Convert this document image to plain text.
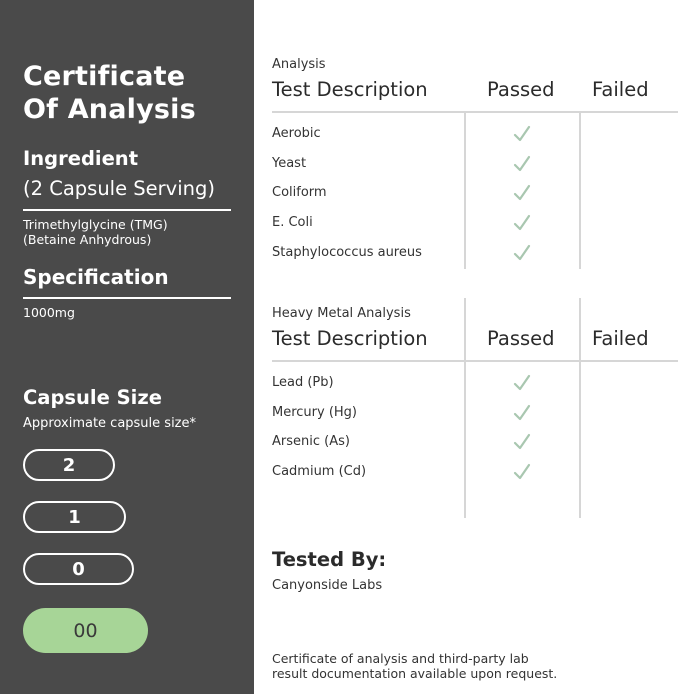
Certificate
Of Analysis
Ingredient
(2 Capsule Serving)
Trimethylglycine (TMG)
(Betaine Anhydrous)
Specification
1000mg
Capsule Size
Approximate capsule size*
2
1
0
00
Analysis
Test Description	Passed Failed
Aerobic
Yeast
Coliform
E. Coli
Staphylococcus aureus
Heavy Metal Analysis
Test Description	Passed Failed
Lead (Pb)
Mercury (Hg)
Arsenic (As)
Cadmium (Cd)
Tested By:
Canyonside Labs
Certificate of analysis and third-party lab
result documentation available upon request.
